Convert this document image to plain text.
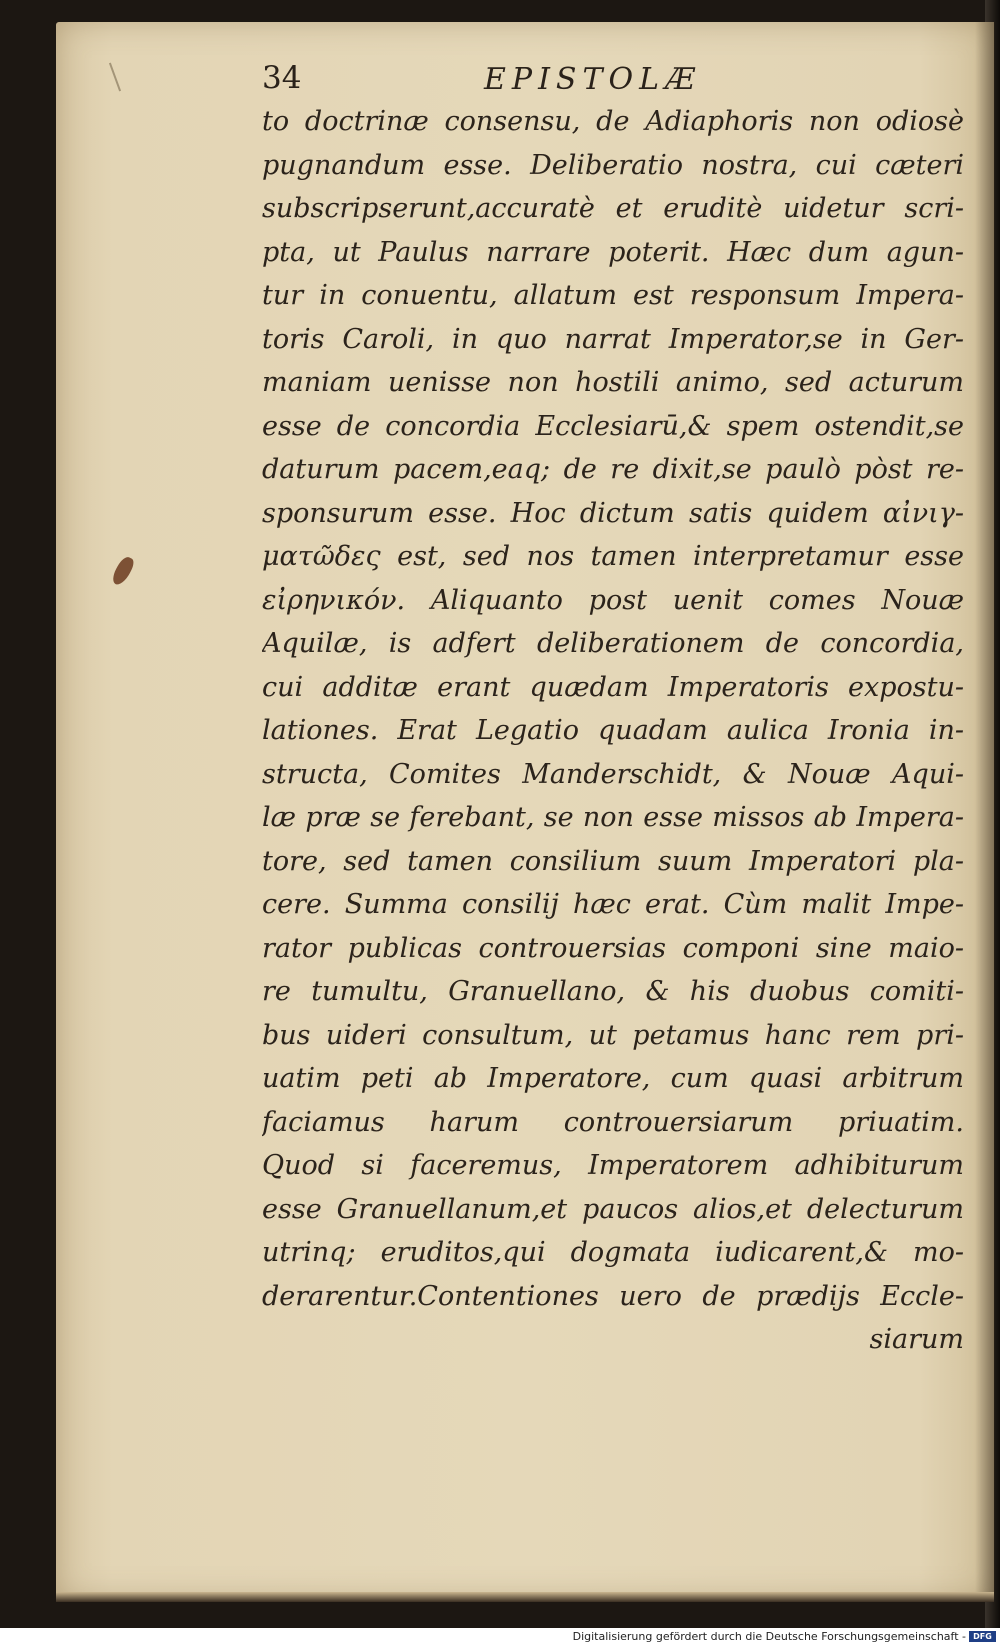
34	EPISTOLÆ
to doctrinæ consensu, de Adiaphoris non odiosè
pugnandum esse. Deliberatio nostra, cui cæteri
subscripserunt,accuratè et eruditè uidetur scri-
pta, ut Paulus narrare poterit. Hæc dum agun-
tur in conuentu, allatum est responsum Impera-
toris Caroli, in quo narrat Imperator,se in Ger-
maniam uenisse non hostili animo, sed acturum
esse de concordia Ecclesiarū,& spem ostendit,se
daturum pacem,eaq; de re dixit,se paulò pòst re-
sponsurum esse. Hoc dictum satis quidem αἰνιγ-
ματῶδες est, sed nos tamen interpretamur esse
εἰρηνικόν. Aliquanto post uenit comes Nouæ
Aquilæ, is adfert deliberationem de concordia,
cui additæ erant quædam Imperatoris expostu-
lationes. Erat Legatio quadam aulica Ironia in-
structa, Comites Manderschidt, & Nouæ Aqui-
læ præ se ferebant, se non esse missos ab Impera-
tore, sed tamen consilium suum Imperatori pla-
cere. Summa consilij hæc erat. Cùm malit Impe-
rator publicas controuersias componi sine maio-
re tumultu, Granuellano, & his duobus comiti-
bus uideri consultum, ut petamus hanc rem pri-
uatim peti ab Imperatore, cum quasi arbitrum
faciamus harum controuersiarum priuatim.
Quod si faceremus, Imperatorem adhibiturum
esse Granuellanum,et paucos alios,et delecturum
utrinq; eruditos,qui dogmata iudicarent,& mo-
derarentur.Contentiones uero de prædijs Eccle-
siarum
Digitalisierung gefördert durch die Deutsche Forschungsgemeinschaft - DFG
